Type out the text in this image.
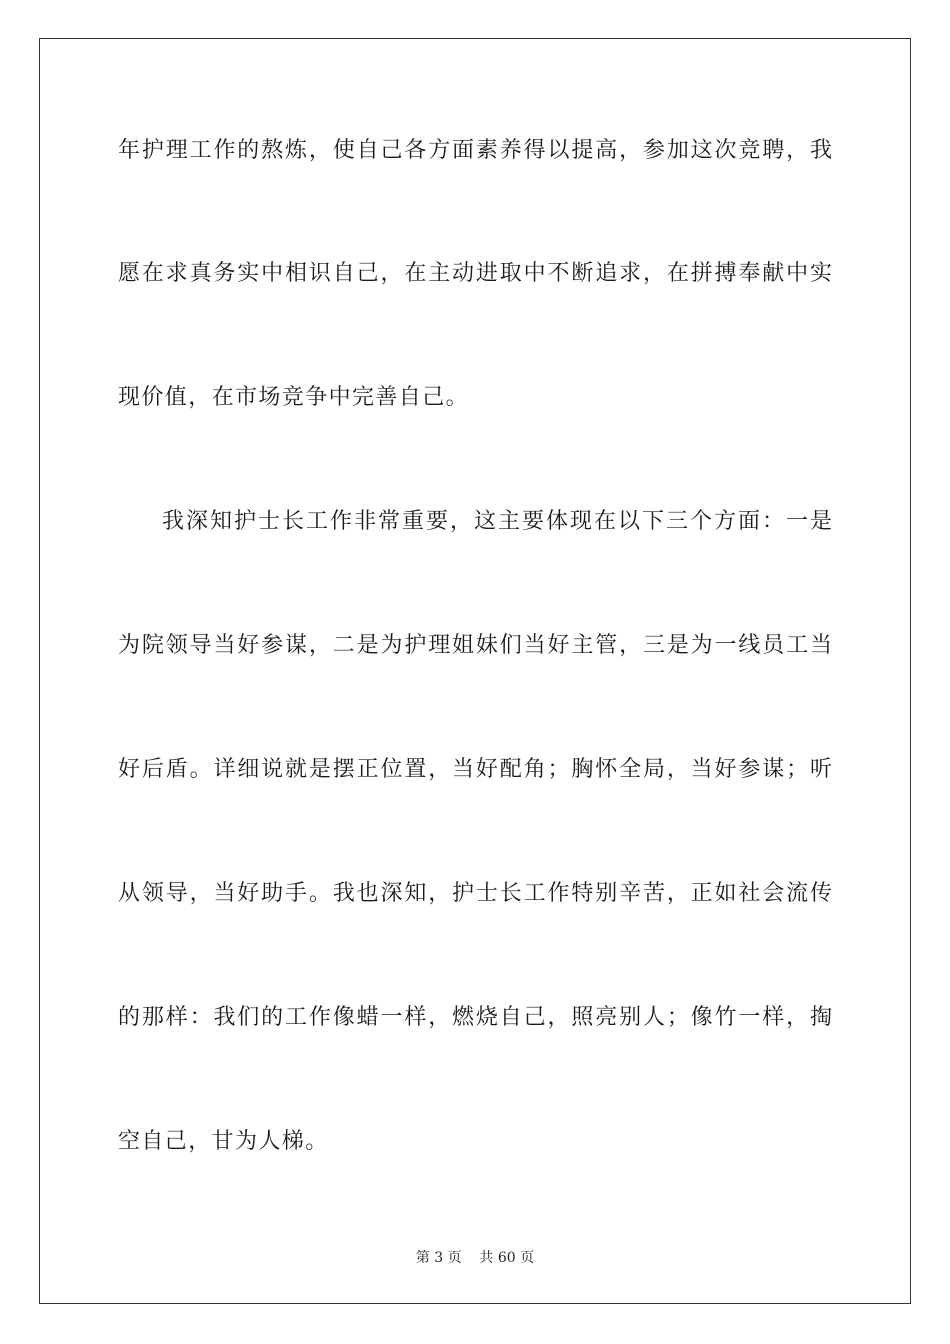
年护理工作的熬炼，使自己各方面素养得以提高，参加这次竞聘，我

愿在求真务实中相识自己，在主动进取中不断追求，在拼搏奉献中实

现价值，在市场竞争中完善自己。

我深知护士长工作非常重要，这主要体现在以下三个方面：一是

为院领导当好参谋，二是为护理姐妹们当好主管，三是为一线员工当

好后盾。详细说就是摆正位置，当好配角；胸怀全局，当好参谋；听

从领导，当好助手。我也深知，护士长工作特别辛苦，正如社会流传

的那样：我们的工作像蜡一样，燃烧自己，照亮别人；像竹一样，掏

空自己，甘为人梯。

第 3 页    共 60 页
